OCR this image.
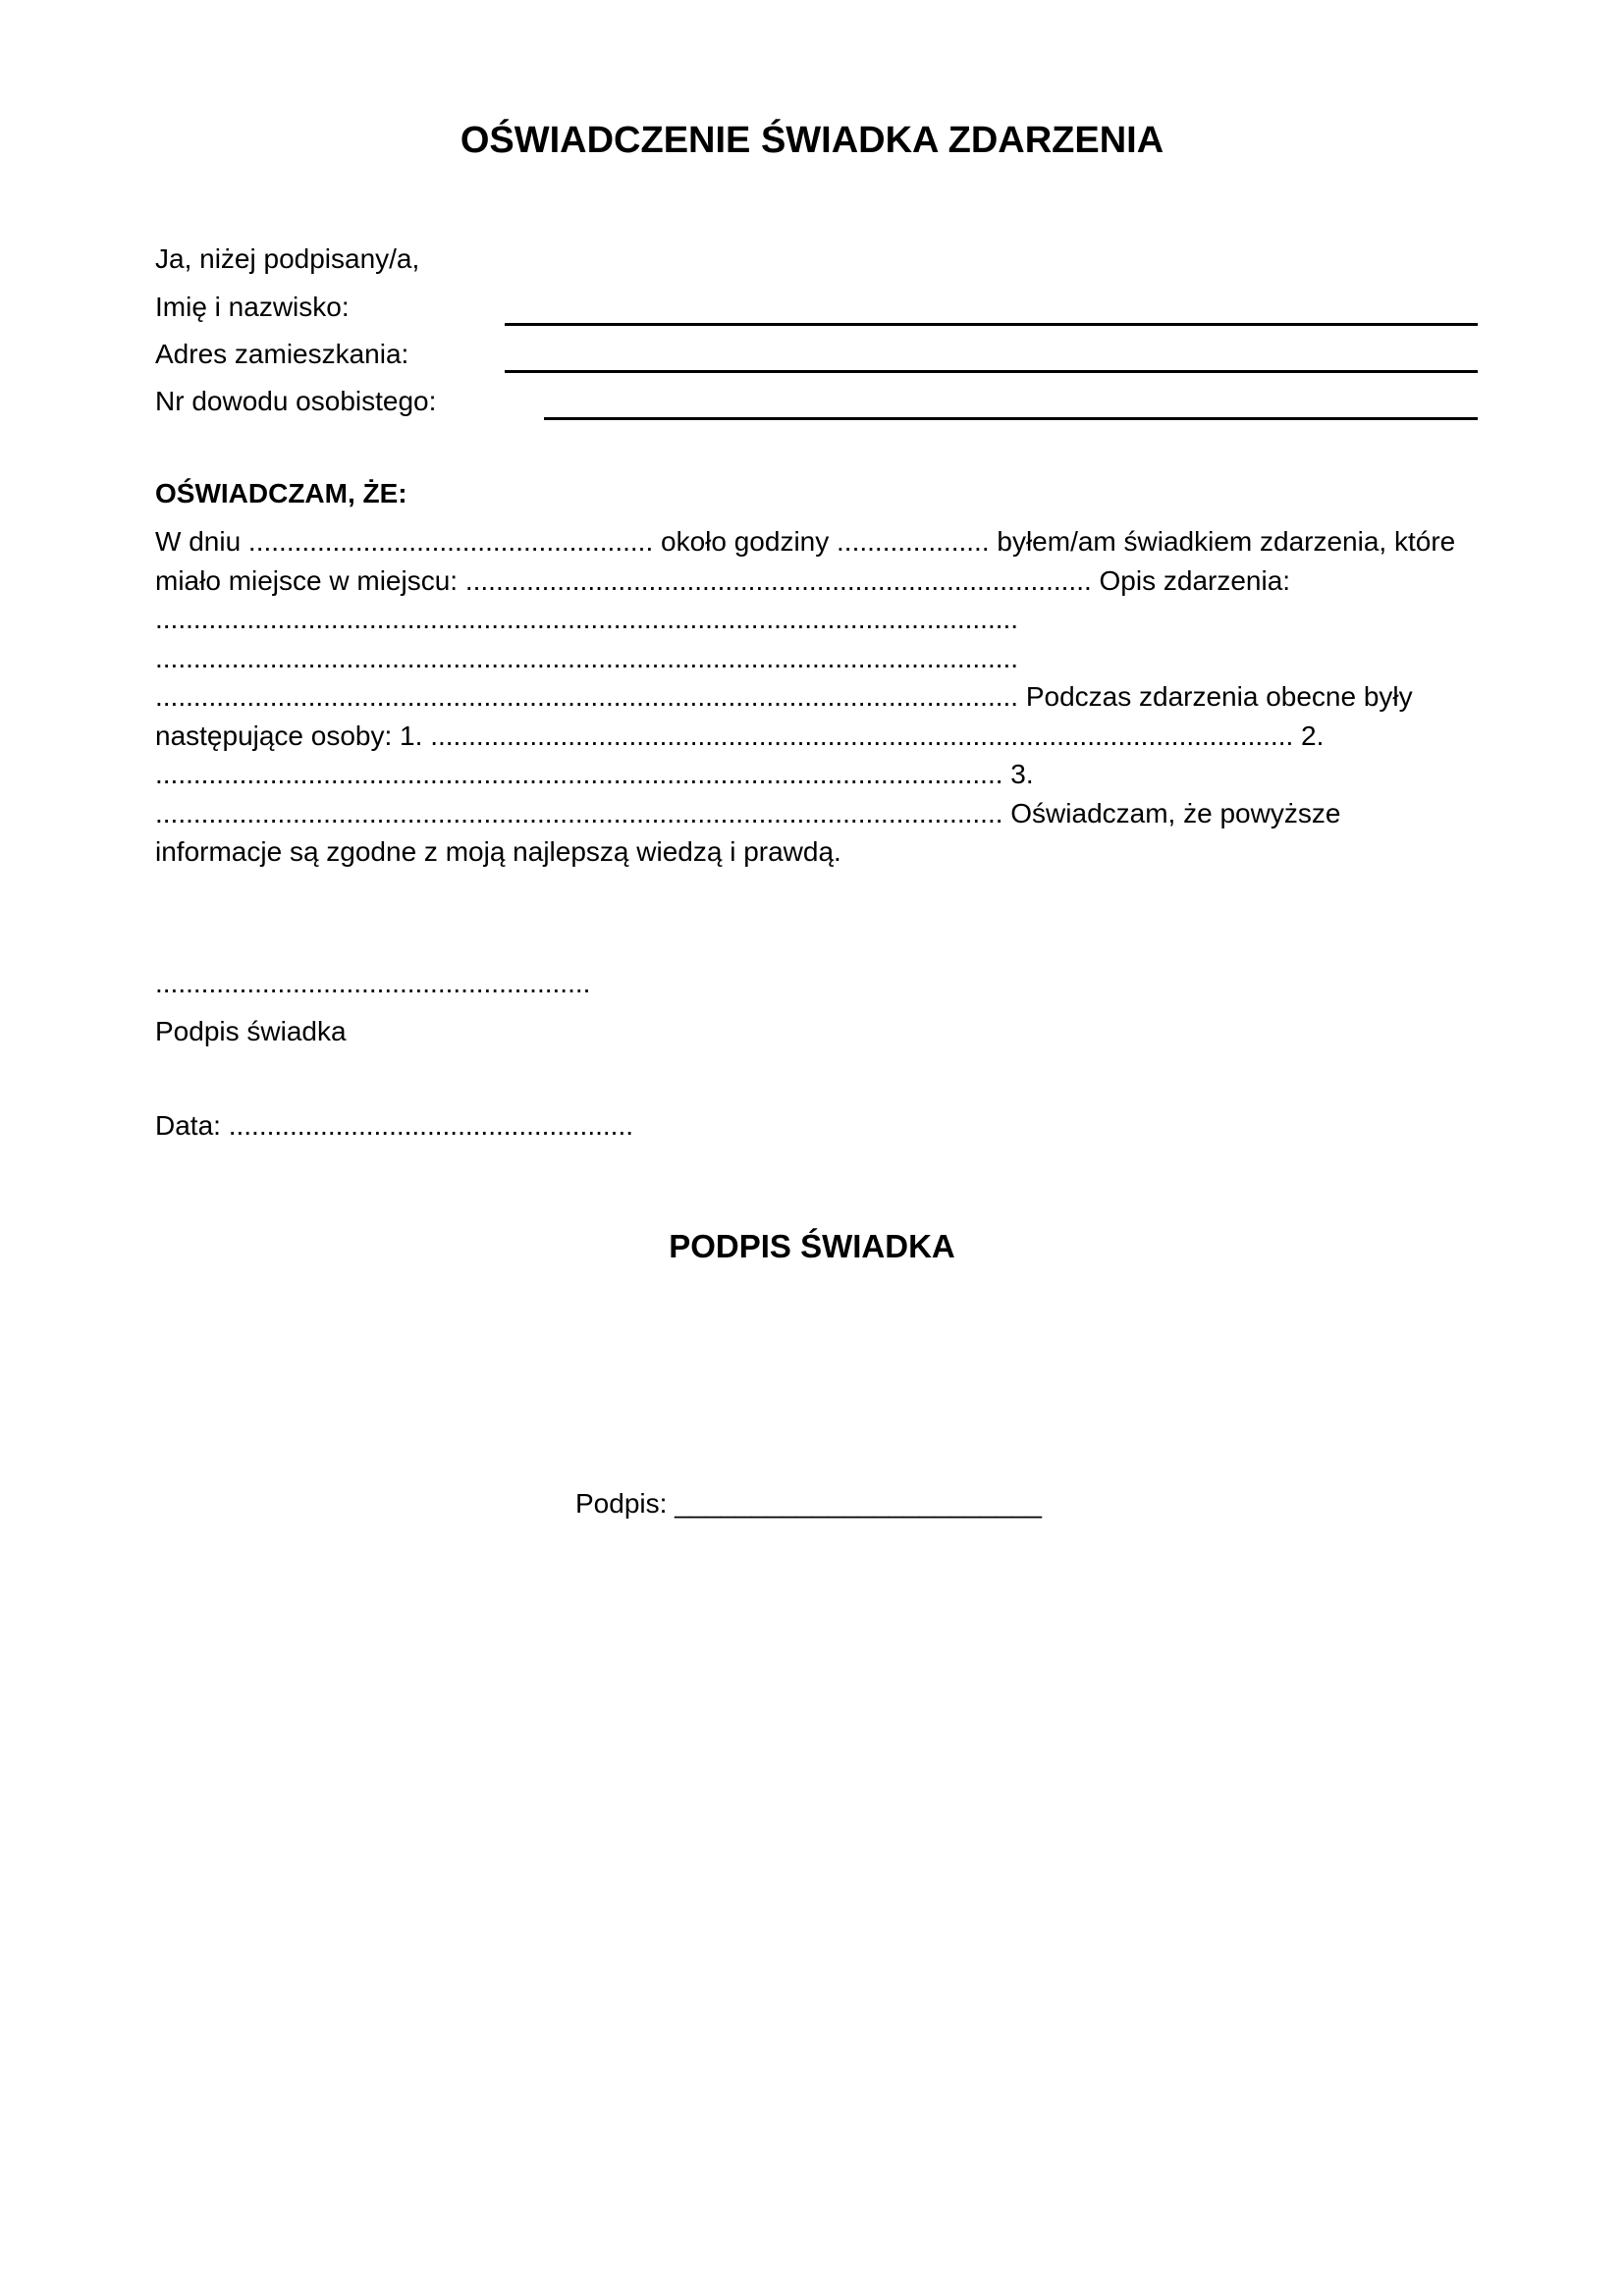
OŚWIADCZENIE ŚWIADKA ZDARZENIA
Ja, niżej podpisany/a,
Imię i nazwisko:
Adres zamieszkania:
Nr dowodu osobistego:
OŚWIADCZAM, ŻE:
W dniu ..................................................... około godziny .................... byłem/am świadkiem zdarzenia, które
miało miejsce w miejscu: .................................................................................. Opis zdarzenia:
.................................................................................................................
.................................................................................................................
................................................................................................................. Podczas zdarzenia obecne były
następujące osoby: 1. ................................................................................................................. 2.
............................................................................................................... 3.
............................................................................................................... Oświadczam, że powyższe
informacje są zgodne z moją najlepszą wiedzą i prawdą.
.........................................................
Podpis świadka
Data: .....................................................
PODPIS ŚWIADKA
Podpis: ________________________
